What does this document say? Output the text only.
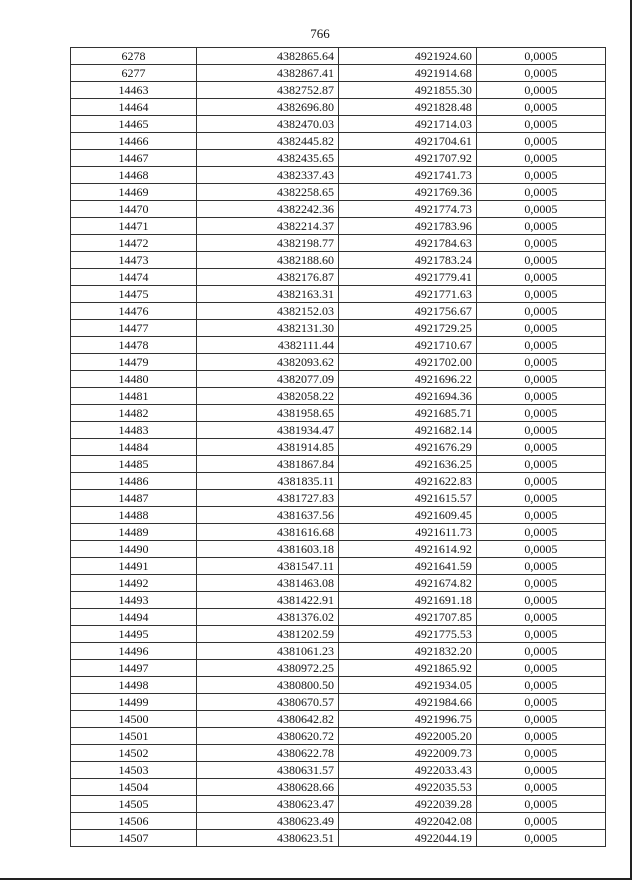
766
6278	4382865.64	4921924.60	0,0005
6277	4382867.41	4921914.68	0,0005
14463	4382752.87	4921855.30	0,0005
14464	4382696.80	4921828.48	0,0005
14465	4382470.03	4921714.03	0,0005
14466	4382445.82	4921704.61	0,0005
14467	4382435.65	4921707.92	0,0005
14468	4382337.43	4921741.73	0,0005
14469	4382258.65	4921769.36	0,0005
14470	4382242.36	4921774.73	0,0005
14471	4382214.37	4921783.96	0,0005
14472	4382198.77	4921784.63	0,0005
14473	4382188.60	4921783.24	0,0005
14474	4382176.87	4921779.41	0,0005
14475	4382163.31	4921771.63	0,0005
14476	4382152.03	4921756.67	0,0005
14477	4382131.30	4921729.25	0,0005
14478	4382111.44	4921710.67	0,0005
14479	4382093.62	4921702.00	0,0005
14480	4382077.09	4921696.22	0,0005
14481	4382058.22	4921694.36	0,0005
14482	4381958.65	4921685.71	0,0005
14483	4381934.47	4921682.14	0,0005
14484	4381914.85	4921676.29	0,0005
14485	4381867.84	4921636.25	0,0005
14486	4381835.11	4921622.83	0,0005
14487	4381727.83	4921615.57	0,0005
14488	4381637.56	4921609.45	0,0005
14489	4381616.68	4921611.73	0,0005
14490	4381603.18	4921614.92	0,0005
14491	4381547.11	4921641.59	0,0005
14492	4381463.08	4921674.82	0,0005
14493	4381422.91	4921691.18	0,0005
14494	4381376.02	4921707.85	0,0005
14495	4381202.59	4921775.53	0,0005
14496	4381061.23	4921832.20	0,0005
14497	4380972.25	4921865.92	0,0005
14498	4380800.50	4921934.05	0,0005
14499	4380670.57	4921984.66	0,0005
14500	4380642.82	4921996.75	0,0005
14501	4380620.72	4922005.20	0,0005
14502	4380622.78	4922009.73	0,0005
14503	4380631.57	4922033.43	0,0005
14504	4380628.66	4922035.53	0,0005
14505	4380623.47	4922039.28	0,0005
14506	4380623.49	4922042.08	0,0005
14507	4380623.51	4922044.19	0,0005
